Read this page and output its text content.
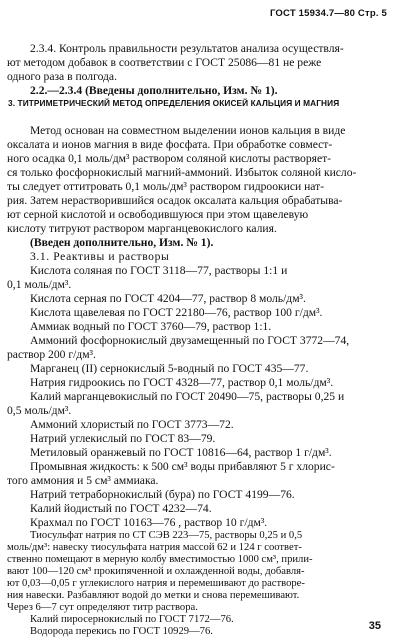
ГОСТ 15934.7—80 Стр. 5
2.3.4. Контроль правильности результатов анализа осуществля-
ют методом добавок в соответствии с ГОСТ 25086—81 не реже
одного раза в полгода.
2.2.—2.3.4 (Введены дополнительно, Изм. № 1).
3. ТИТРИМЕТРИЧЕСКИЙ МЕТОД ОПРЕДЕЛЕНИЯ ОКИСЕЙ КАЛЬЦИЯ И МАГНИЯ
Метод основан на совместном выделении ионов кальция в виде
оксалата и ионов магния в виде фосфата. При обработке совмест-
ного осадка 0,1 моль/дм³ раствором соляной кислоты растворяет-
ся только фосфорнокислый магний-аммоний. Избыток соляной кисло-
ты следует оттитровать 0,1 моль/дм³ раствором гидроокиси нат-
рия. Затем нерастворившийся осадок оксалата кальция обрабатыва-
ют серной кислотой и освободившуюся при этом щавелевую
кислоту титруют раствором марганцевокислого калия.
(Введен дополнительно, Изм. № 1).
3.1. Реактивы и растворы
Кислота соляная по ГОСТ 3118—77, растворы 1:1 и
0,1 моль/дм³.
Кислота серная по ГОСТ 4204—77, раствор 8 моль/дм³.
Кислота щавелевая по ГОСТ 22180—76, раствор 100 г/дм³.
Аммиак водный по ГОСТ 3760—79, раствор 1:1.
Аммоний фосфорнокислый двузамещенный по ГОСТ 3772—74,
раствор 200 г/дм³.
Марганец (II) сернокислый 5-водный по ГОСТ 435—77.
Натрия гидроокись по ГОСТ 4328—77, раствор 0,1 моль/дм³.
Калий марганцевокислый по ГОСТ 20490—75, растворы 0,25 и
0,5 моль/дм³.
Аммоний хлористый по ГОСТ 3773—72.
Натрий углекислый по ГОСТ 83—79.
Метиловый оранжевый по ГОСТ 10816—64, раствор 1 г/дм³.
Промывная жидкость: к 500 см³ воды прибавляют 5 г хлорис-
того аммония и 5 см³ аммиака.
Натрий тетраборнокислый (бура) по ГОСТ 4199—76.
Калий йодистый по ГОСТ 4232—74.
Крахмал по ГОСТ 10163—76 , раствор 10 г/дм³.
Тиосульфат натрия по СТ СЭВ 223—75, растворы 0,25 и 0,5
моль/дм³: навеску тиосульфата натрия массой 62 и 124 г соответ-
ственно помещают в мерную колбу вместимостью 1000 см³, прили-
вают 100—120 см³ прокипяченной и охлажденной воды, добавля-
ют 0,03—0,05 г углекислого натрия и перемешивают до растворе-
ния навески. Разбавляют водой до метки и снова перемешивают.
Через 6—7 сут определяют титр раствора.
Калий пиросернокислый по ГОСТ 7172—76.
Водорода перекись по ГОСТ 10929—76.	35
